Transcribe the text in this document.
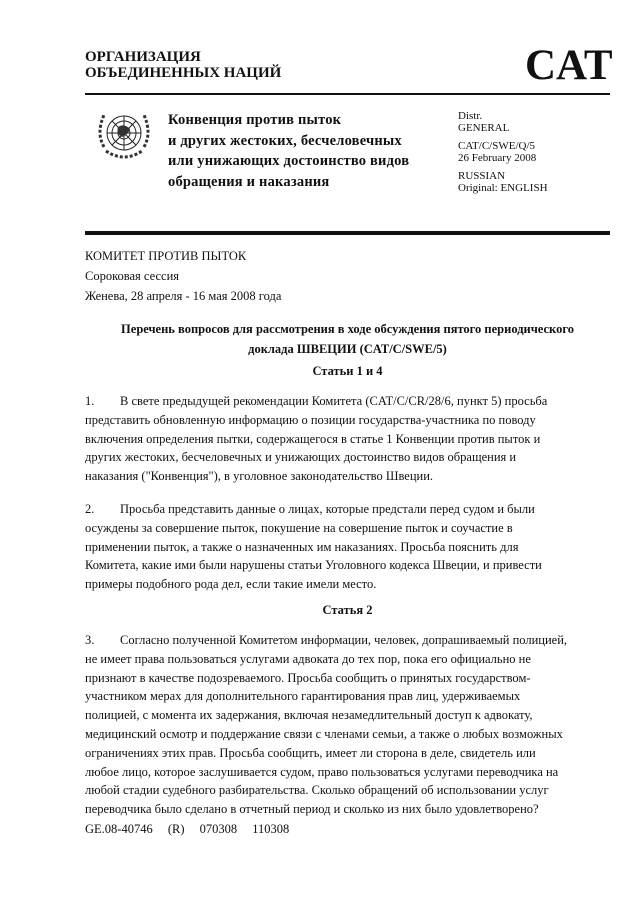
ОРГАНИЗАЦИЯ
ОБЪЕДИНЕННЫХ НАЦИЙ	CAT
Конвенция против пыток
и других жестоких, бесчеловечных
или унижающих достоинство видов
обращения и наказания
Distr.
GENERAL
CAT/C/SWE/Q/5
26 February 2008
RUSSIAN
Original: ENGLISH
КОМИТЕТ ПРОТИВ ПЫТОК
Сороковая сессия
Женева, 28 апреля - 16 мая 2008 года
Перечень вопросов для рассмотрения в ходе обсуждения пятого периодического
доклада ШВЕЦИИ (CAT/C/SWE/5)
Статьи 1 и 4
1. В свете предыдущей рекомендации Комитета (CAT/C/CR/28/6, пункт 5) просьба
представить обновленную информацию о позиции государства-участника по поводу
включения определения пытки, содержащегося в статье 1 Конвенции против пыток и
других жестоких, бесчеловечных и унижающих достоинство видов обращения и
наказания ("Конвенция"), в уголовное законодательство Швеции.
2. Просьба представить данные о лицах, которые предстали перед судом и были
осуждены за совершение пыток, покушение на совершение пыток и соучастие в
применении пыток, а также о назначенных им наказаниях. Просьба пояснить для
Комитета, какие ими были нарушены статьи Уголовного кодекса Швеции, и привести
примеры подобного рода дел, если такие имели место.
Статья 2
3. Согласно полученной Комитетом информации, человек, допрашиваемый полицией,
не имеет права пользоваться услугами адвоката до тех пор, пока его официально не
признают в качестве подозреваемого. Просьба сообщить о принятых государством-
участником мерах для дополнительного гарантирования прав лиц, удерживаемых
полицией, с момента их задержания, включая незамедлительный доступ к адвокату,
медицинский осмотр и поддержание связи с членами семьи, а также о любых возможных
ограничениях этих прав. Просьба сообщить, имеет ли сторона в деле, свидетель или
любое лицо, которое заслушивается судом, право пользоваться услугами переводчика на
любой стадии судебного разбирательства. Сколько обращений об использовании услуг
переводчика было сделано в отчетный период и сколько из них было удовлетворено?
GE.08-40746 (R) 070308 110308
